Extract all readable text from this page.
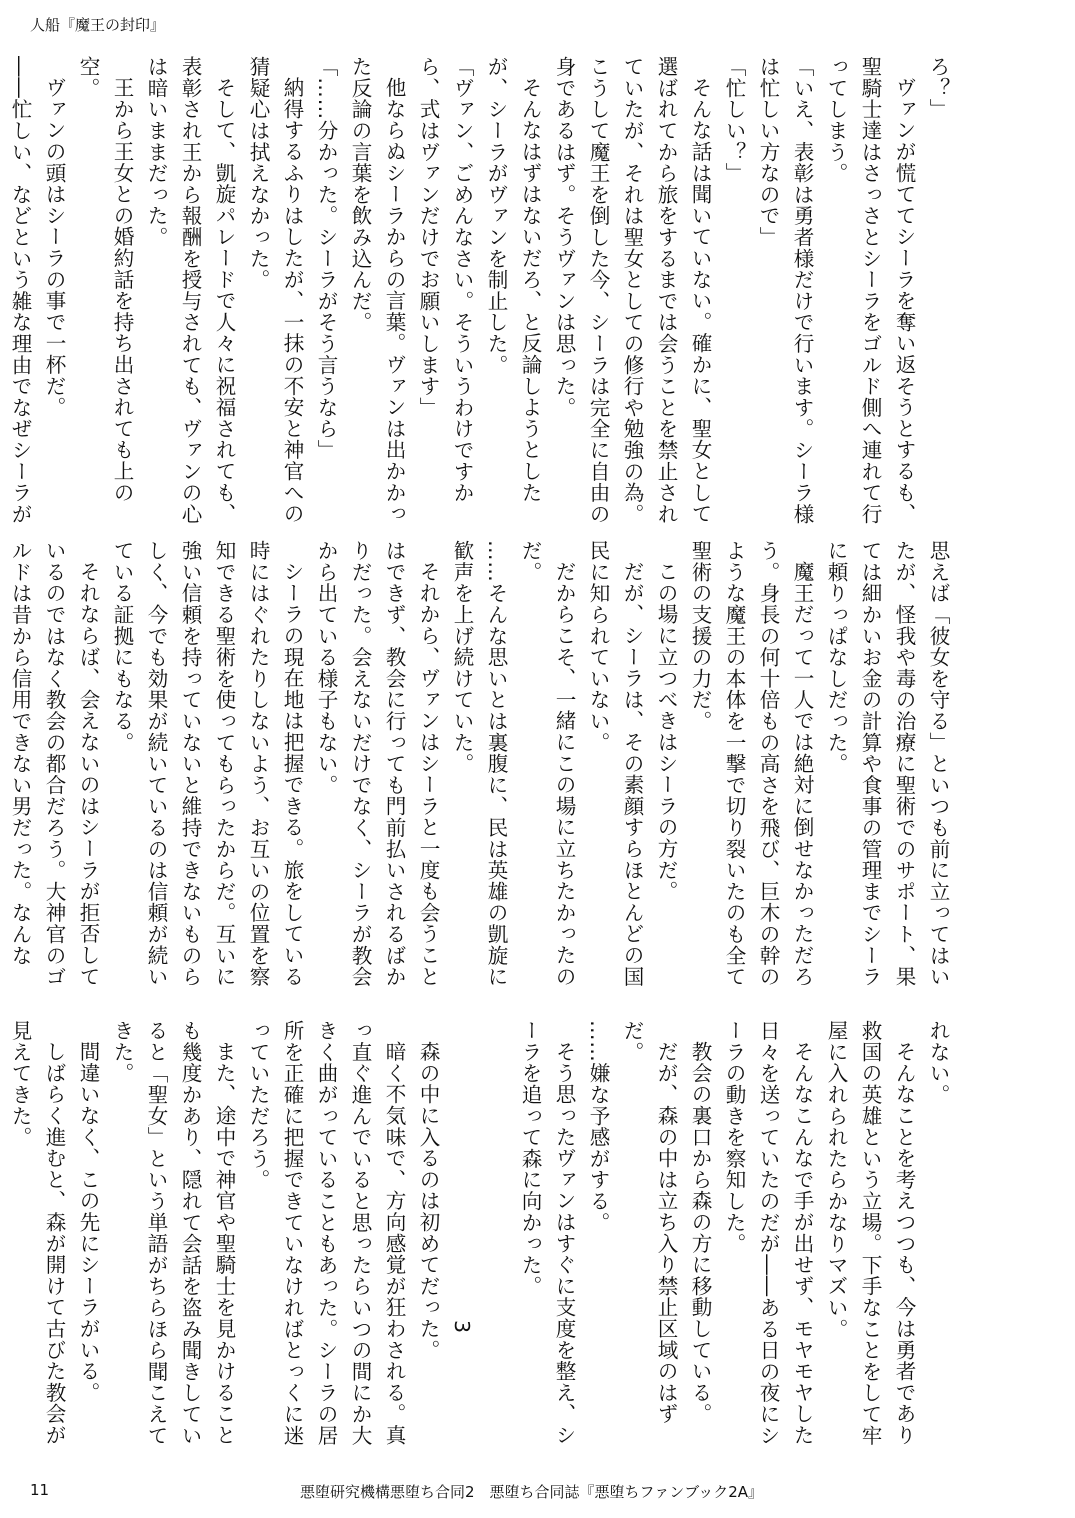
人船『魔王の封印』

ろ？」

ヴァンが慌ててシーラを奪い返そうとするも、聖騎士達はさっさとシーラをゴルド側へ連れて行ってしまう。

「いえ、表彰は勇者様だけで行います。シーラ様は忙しい方なので」

「忙しい？」

そんな話は聞いていない。確かに、聖女として選ばれてから旅をするまでは会うことを禁止されていたが、それは聖女としての修行や勉強の為。こうして魔王を倒した今、シーラは完全に自由の身であるはず。そうヴァンは思った。

そんなはずはないだろ、と反論しようとしたが、シーラがヴァンを制止した。

「ヴァン、ごめんなさい。そういうわけですから、式はヴァンだけでお願いします」

他ならぬシーラからの言葉。ヴァンは出かかった反論の言葉を飲み込んだ。

「……分かった。シーラがそう言うなら」

納得するふりはしたが、一抹の不安と神官への猜疑心は拭えなかった。

そして、凱旋パレードで人々に祝福されても、表彰され王から報酬を授与されても、ヴァンの心は暗いままだった。

王から王女との婚約話を持ち出されても上の空。

ヴァンの頭はシーラの事で一杯だ。

――忙しい、などという雑な理由でなぜシーラが

思えば「彼女を守る」といつも前に立ってはいたが、怪我や毒の治療に聖術でのサポート、果ては細かいお金の計算や食事の管理までシーラに頼りっぱなしだった。

魔王だって一人では絶対に倒せなかっただろう。身長の何十倍もの高さを飛び、巨木の幹のような魔王の本体を一撃で切り裂いたのも全て聖術の支援の力だ。

この場に立つべきはシーラの方だ。

だが、シーラは、その素顔すらほとんどの国民に知られていない。

だからこそ、一緒にこの場に立ちたかったのだ。

……そんな思いとは裏腹に、民は英雄の凱旋に歓声を上げ続けていた。

それから、ヴァンはシーラと一度も会うことはできず、教会に行っても門前払いされるばかりだった。会えないだけでなく、シーラが教会から出ている様子もない。

シーラの現在地は把握できる。旅をしている時にはぐれたりしないよう、お互いの位置を察知できる聖術を使ってもらったからだ。互いに強い信頼を持っていないと維持できないものらしく、今でも効果が続いているのは信頼が続いている証拠にもなる。

それならば、会えないのはシーラが拒否しているのではなく教会の都合だろう。大神官のゴルドは昔から信用できない男だった。なんな

れない。

そんなことを考えつつも、今は勇者であり救国の英雄という立場。下手なことをして牢屋に入れられたらかなりマズい。

そんなこんなで手が出せず、モヤモヤした日々を送っていたのだが――ある日の夜にシーラの動きを察知した。

教会の裏口から森の方に移動している。

だが、森の中は立ち入り禁止区域のはずだ。

……嫌な予感がする。

そう思ったヴァンはすぐに支度を整え、シーラを追って森に向かった。

3

森の中に入るのは初めてだった。

暗く不気味で、方向感覚が狂わされる。真っ直ぐ進んでいると思ったらいつの間にか大きく曲がっていることもあった。シーラの居所を正確に把握できていなければとっくに迷っていただろう。

また、途中で神官や聖騎士を見かけることも幾度かあり、隠れて会話を盗み聞きしていると「聖女」という単語がちらほら聞こえてきた。

間違いなく、この先にシーラがいる。

しばらく進むと、森が開けて古びた教会が見えてきた。

11	悪堕研究機構悪堕ち合同2　悪堕ち合同誌『悪堕ちファンブック2A』
